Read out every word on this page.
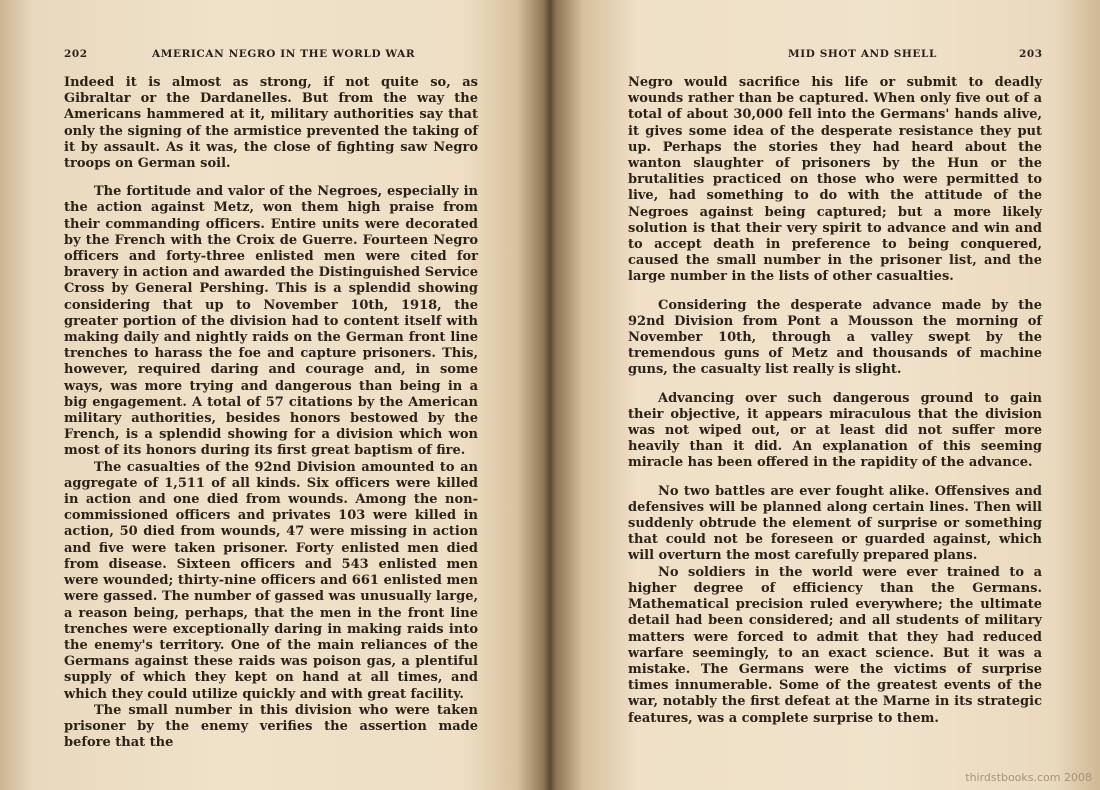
202	AMERICAN NEGRO IN THE WORLD WAR

Indeed it is almost as strong, if not quite so, as Gibraltar or the Dardanelles. But from the way the Americans hammered at it, military authorities say that only the signing of the armistice prevented the taking of it by assault. As it was, the close of fighting saw Negro troops on German soil.

The fortitude and valor of the Negroes, especially in the action against Metz, won them high praise from their commanding officers. Entire units were decorated by the French with the Croix de Guerre. Fourteen Negro officers and forty-three enlisted men were cited for bravery in action and awarded the Distinguished Service Cross by General Pershing. This is a splendid showing considering that up to November 10th, 1918, the greater portion of the division had to content itself with making daily and nightly raids on the German front line trenches to harass the foe and capture prisoners. This, however, required daring and courage and, in some ways, was more trying and dangerous than being in a big engagement. A total of 57 citations by the American military authorities, besides honors bestowed by the French, is a splendid showing for a division which won most of its honors during its first great baptism of fire.

The casualties of the 92nd Division amounted to an aggregate of 1,511 of all kinds. Six officers were killed in action and one died from wounds. Among the non-commissioned officers and privates 103 were killed in action, 50 died from wounds, 47 were missing in action and five were taken prisoner. Forty enlisted men died from disease. Sixteen officers and 543 enlisted men were wounded; thirty-nine officers and 661 enlisted men were gassed. The number of gassed was unusually large, a reason being, perhaps, that the men in the front line trenches were exceptionally daring in making raids into the enemy's territory. One of the main reliances of the Germans against these raids was poison gas, a plentiful supply of which they kept on hand at all times, and which they could utilize quickly and with great facility.

The small number in this division who were taken prisoner by the enemy verifies the assertion made before that the

MID SHOT AND SHELL	203

Negro would sacrifice his life or submit to deadly wounds rather than be captured. When only five out of a total of about 30,000 fell into the Germans' hands alive, it gives some idea of the desperate resistance they put up. Perhaps the stories they had heard about the wanton slaughter of prisoners by the Hun or the brutalities practiced on those who were permitted to live, had something to do with the attitude of the Negroes against being captured; but a more likely solution is that their very spirit to advance and win and to accept death in preference to being conquered, caused the small number in the prisoner list, and the large number in the lists of other casualties.

Considering the desperate advance made by the 92nd Division from Pont a Mousson the morning of November 10th, through a valley swept by the tremendous guns of Metz and thousands of machine guns, the casualty list really is slight.

Advancing over such dangerous ground to gain their objective, it appears miraculous that the division was not wiped out, or at least did not suffer more heavily than it did. An explanation of this seeming miracle has been offered in the rapidity of the advance.

No two battles are ever fought alike. Offensives and defensives will be planned along certain lines. Then will suddenly obtrude the element of surprise or something that could not be foreseen or guarded against, which will overturn the most carefully prepared plans.

No soldiers in the world were ever trained to a higher degree of efficiency than the Germans. Mathematical precision ruled everywhere; the ultimate detail had been considered; and all students of military matters were forced to admit that they had reduced warfare seemingly, to an exact science. But it was a mistake. The Germans were the victims of surprise times innumerable. Some of the greatest events of the war, notably the first defeat at the Marne in its strategic features, was a complete surprise to them.

thirdstbooks.com 2008
